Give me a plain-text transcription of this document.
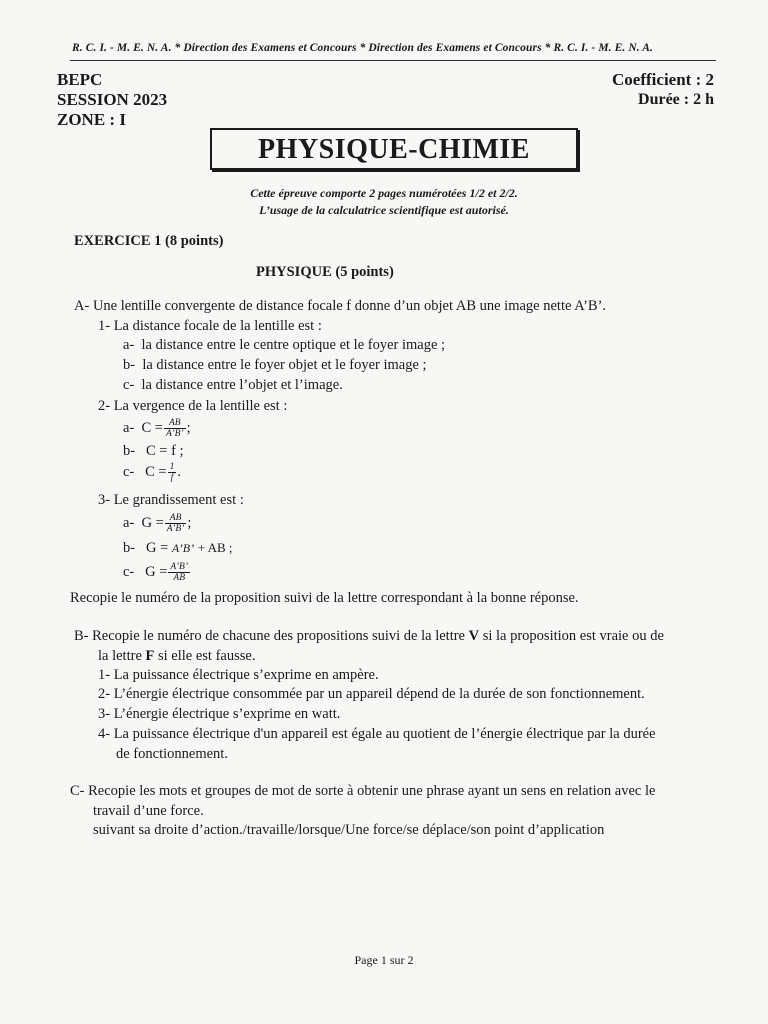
R. C. I. - M. E. N. A. * Direction des Examens et Concours * Direction des Examens et Concours * R. C. I. - M. E. N. A.
BEPC
SESSION 2023
ZONE : I
Coefficient : 2
Durée : 2 h
PHYSIQUE-CHIMIE
Cette épreuve comporte 2 pages numérotées 1/2 et 2/2.
L’usage de la calculatrice scientifique est autorisé.
EXERCICE 1 (8 points)
PHYSIQUE (5 points)
A- Une lentille convergente de distance focale f donne d’un objet AB une image nette A’B’.
1- La distance focale de la lentille est :
a- la distance entre le centre optique et le foyer image ;
b- la distance entre le foyer objet et le foyer image ;
c- la distance entre l’objet et l’image.
2- La vergence de la lentille est :
a- $C = \frac{AB}{A’B’}$ ;
b- C = f ;
c- $C = \frac{1}{f}$ .
3- Le grandissement est :
a- $G = \frac{AB}{A’B’}$ ;
b- G = A’B’ + AB ;
c- $G = \frac{A’B’}{AB}$
Recopie le numéro de la proposition suivi de la lettre correspondant à la bonne réponse.
B- Recopie le numéro de chacune des propositions suivi de la lettre V si la proposition est vraie ou de
la lettre F si elle est fausse.
1- La puissance électrique s’exprime en ampère.
2- L’énergie électrique consommée par un appareil dépend de la durée de son fonctionnement.
3- L’énergie électrique s’exprime en watt.
4- La puissance électrique d'un appareil est égale au quotient de l’énergie électrique par la durée
de fonctionnement.
C- Recopie les mots et groupes de mot de sorte à obtenir une phrase ayant un sens en relation avec le
travail d’une force.
suivant sa droite d’action./travaille/lorsque/Une force/se déplace/son point d’application
Page 1 sur 2
